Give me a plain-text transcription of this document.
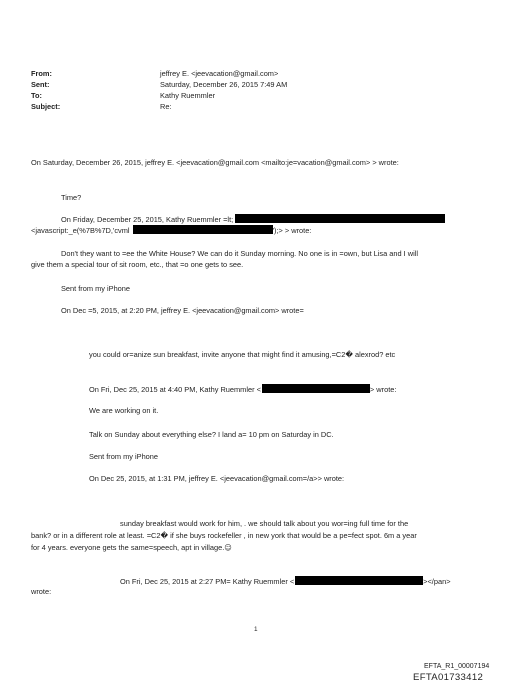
From:	jeffrey E. <jeevacation@gmail.com>
Sent:	Saturday, December 26, 2015 7:49 AM
To:	Kathy Ruemmler
Subject:	Re:
On Saturday, December 26, 2015, jeffrey E. <jeevacation@gmail.com <mailto:je=vacation@gmail.com> > wrote:
Time?
On Friday, December 25, 2015, Kathy Ruemmler =lt;
<javascript:_e(%7B%7D,'cvml	');> > wrote:
Don't they want to =ee the White House? We can do it Sunday morning. No one is in =own, but Lisa and I will
give them a special tour of sit room, etc., that =o one gets to see.
Sent from my iPhone
On Dec =5, 2015, at 2:20 PM, jeffrey E. <jeevacation@gmail.com> wrote=
you could or=anize sun breakfast, invite anyone that might find it amusing,=C2� alexrod? etc
On Fri, Dec 25, 2015 at 4:40 PM, Kathy Ruemmler <	> wrote:
We are working on it.
Talk on Sunday about everything else? I land a= 10 pm on Saturday in DC.
Sent from my iPhone
On Dec 25, 2015, at 1:31 PM, jeffrey E. <jeevacation@gmail.com=/a>> wrote:
sunday breakfast would work for him, . we should talk about you wor=ing full time for the
bank? or in a different role at least. =C2� if she buys rockefeller , in new york that would be a pe=fect spot. 6m a year
for 4 years. everyone gets the same=speech, apt in village.☺
On Fri, Dec 25, 2015 at 2:27 PM= Kathy Ruemmler <	></pan>
wrote:
1
EFTA_R1_00007194
EFTA01733412
